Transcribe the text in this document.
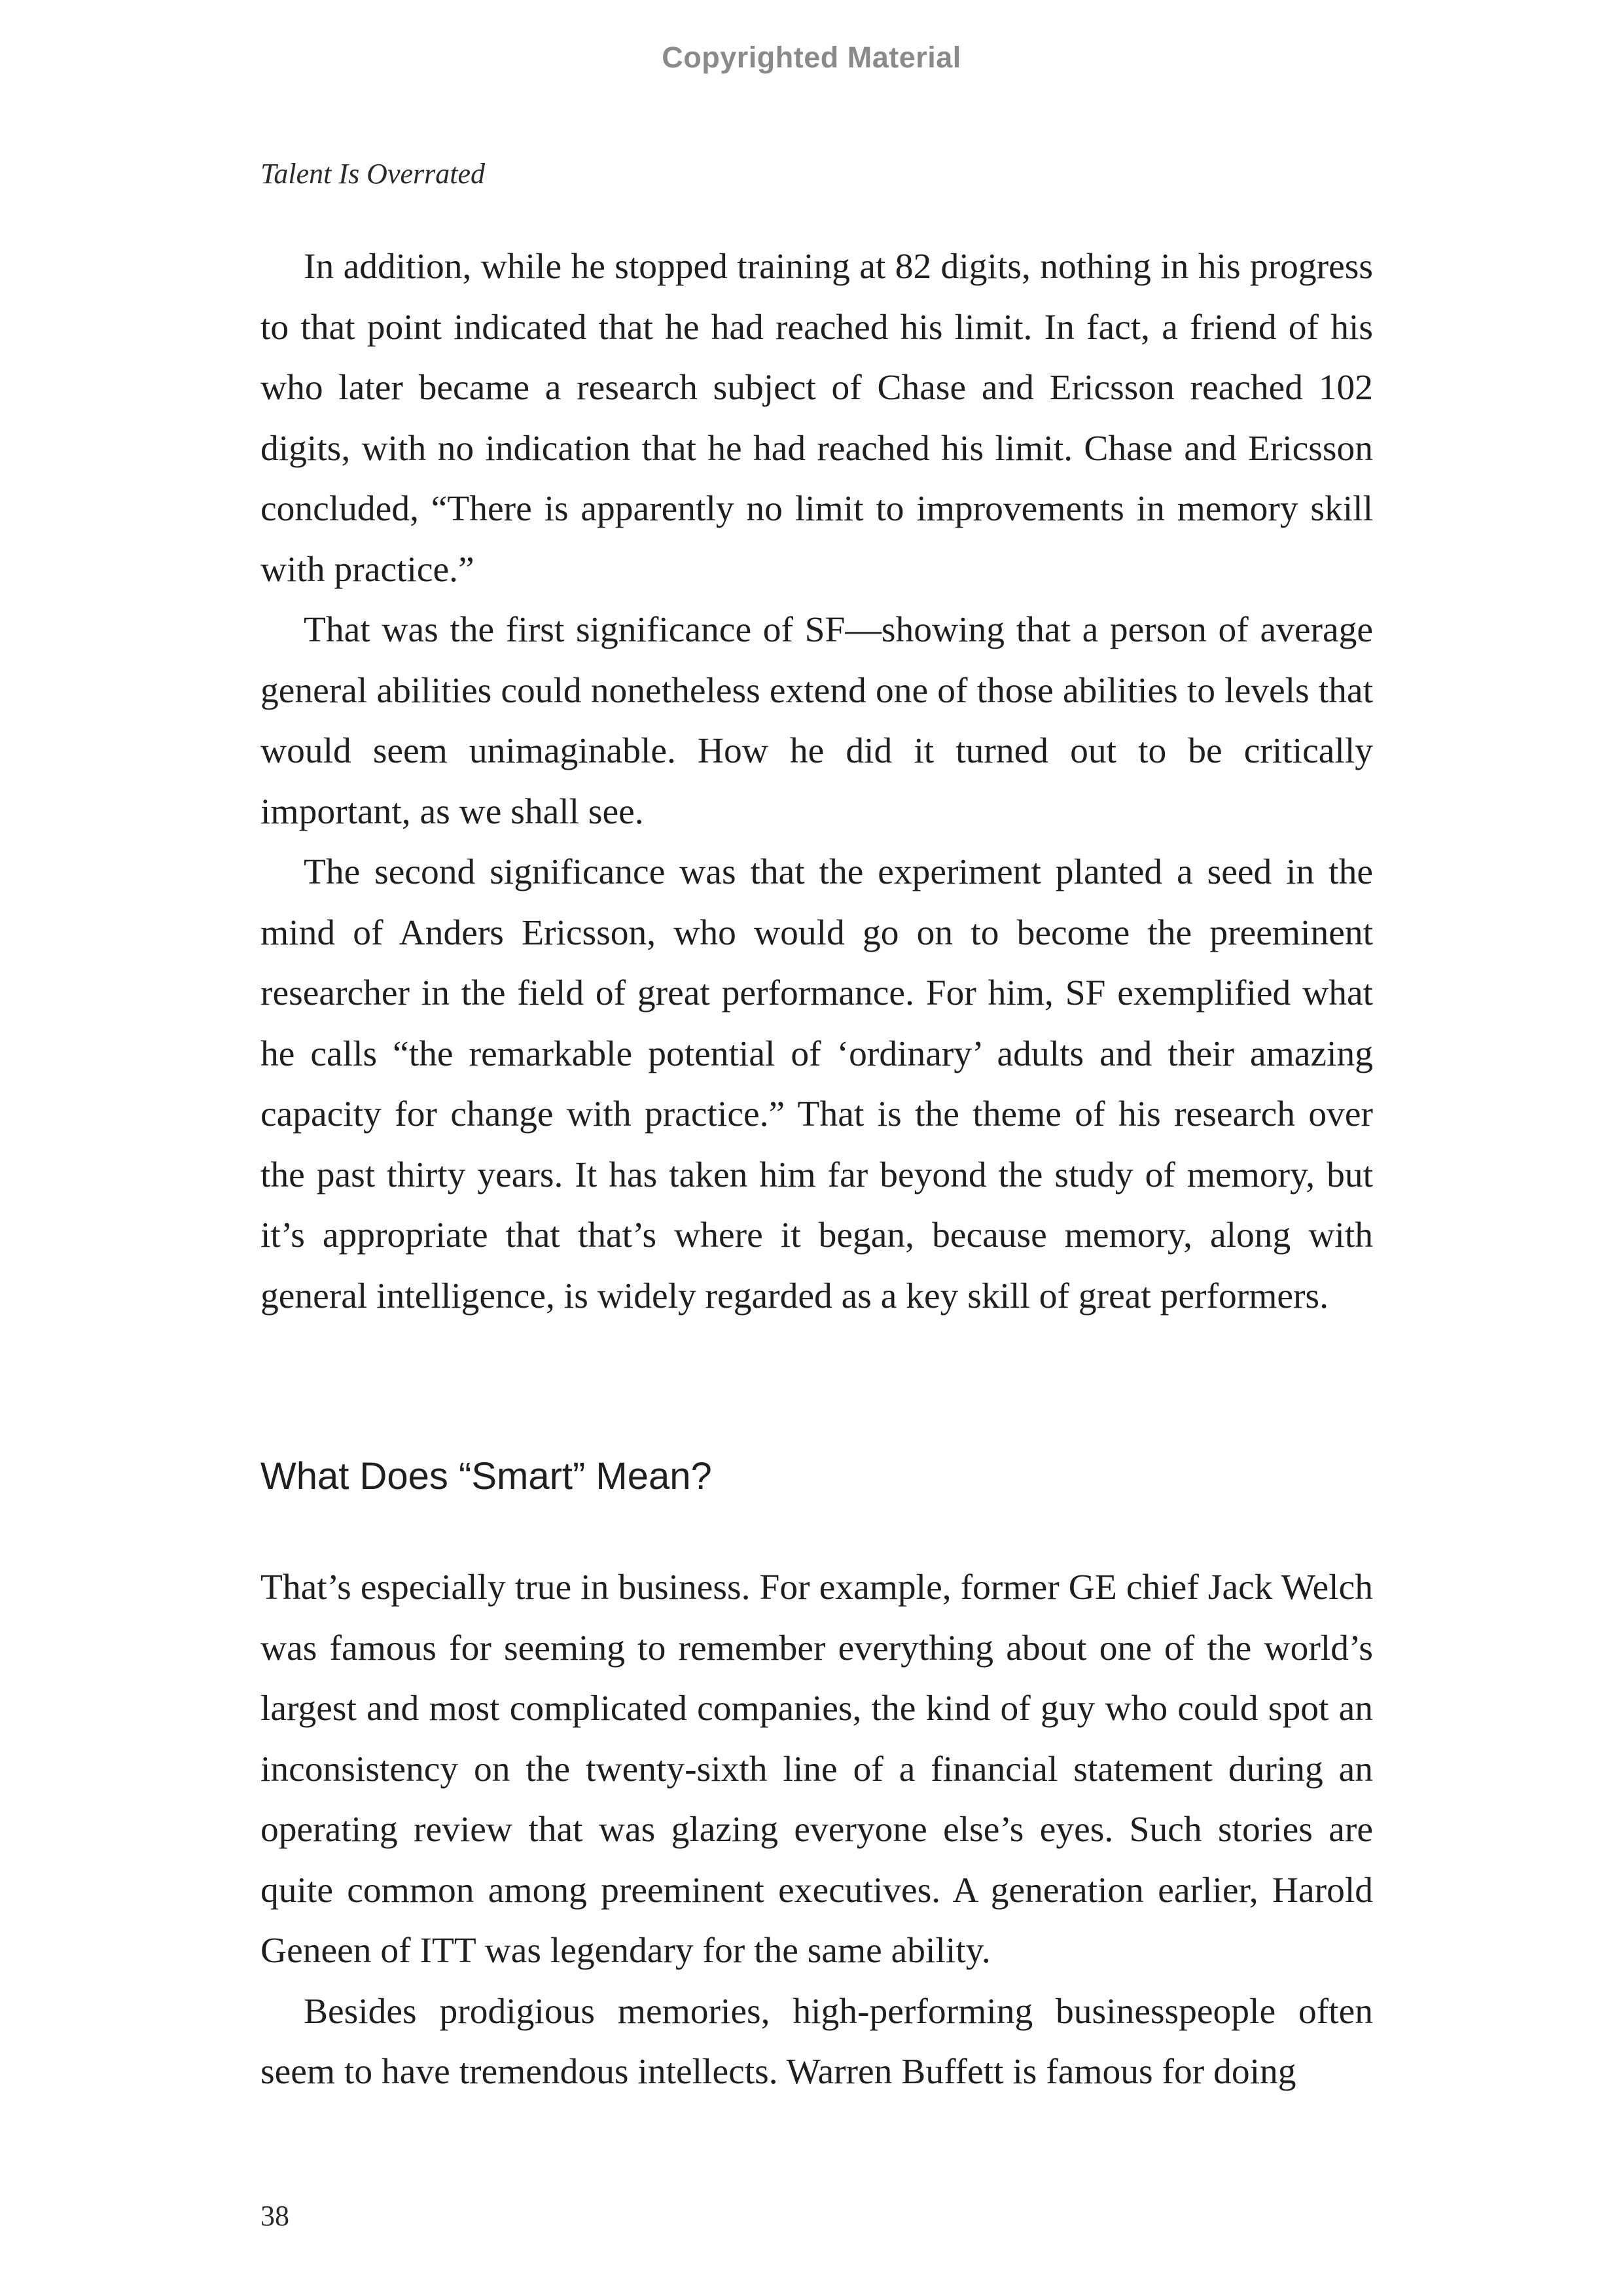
Copyrighted Material
Talent Is Overrated

In addition, while he stopped training at 82 digits, nothing in his progress to that point indicated that he had reached his limit. In fact, a friend of his who later became a research subject of Chase and Ericsson reached 102 digits, with no indication that he had reached his limit. Chase and Ericsson concluded, “There is apparently no limit to improvements in memory skill with practice.”

That was the first significance of SF—showing that a person of average general abilities could nonetheless extend one of those abilities to levels that would seem unimaginable. How he did it turned out to be critically important, as we shall see.

The second significance was that the experiment planted a seed in the mind of Anders Ericsson, who would go on to become the preeminent researcher in the field of great performance. For him, SF exemplified what he calls “the remarkable potential of ‘ordinary’ adults and their amazing capacity for change with practice.” That is the theme of his research over the past thirty years. It has taken him far beyond the study of memory, but it’s appropriate that that’s where it began, because memory, along with general intelligence, is widely regarded as a key skill of great performers.

What Does “Smart” Mean?

That’s especially true in business. For example, former GE chief Jack Welch was famous for seeming to remember everything about one of the world’s largest and most complicated companies, the kind of guy who could spot an inconsistency on the twenty-sixth line of a financial statement during an operating review that was glazing everyone else’s eyes. Such stories are quite common among preeminent executives. A generation earlier, Harold Geneen of ITT was legendary for the same ability.

Besides prodigious memories, high-performing businesspeople often seem to have tremendous intellects. Warren Buffett is famous for doing

38
